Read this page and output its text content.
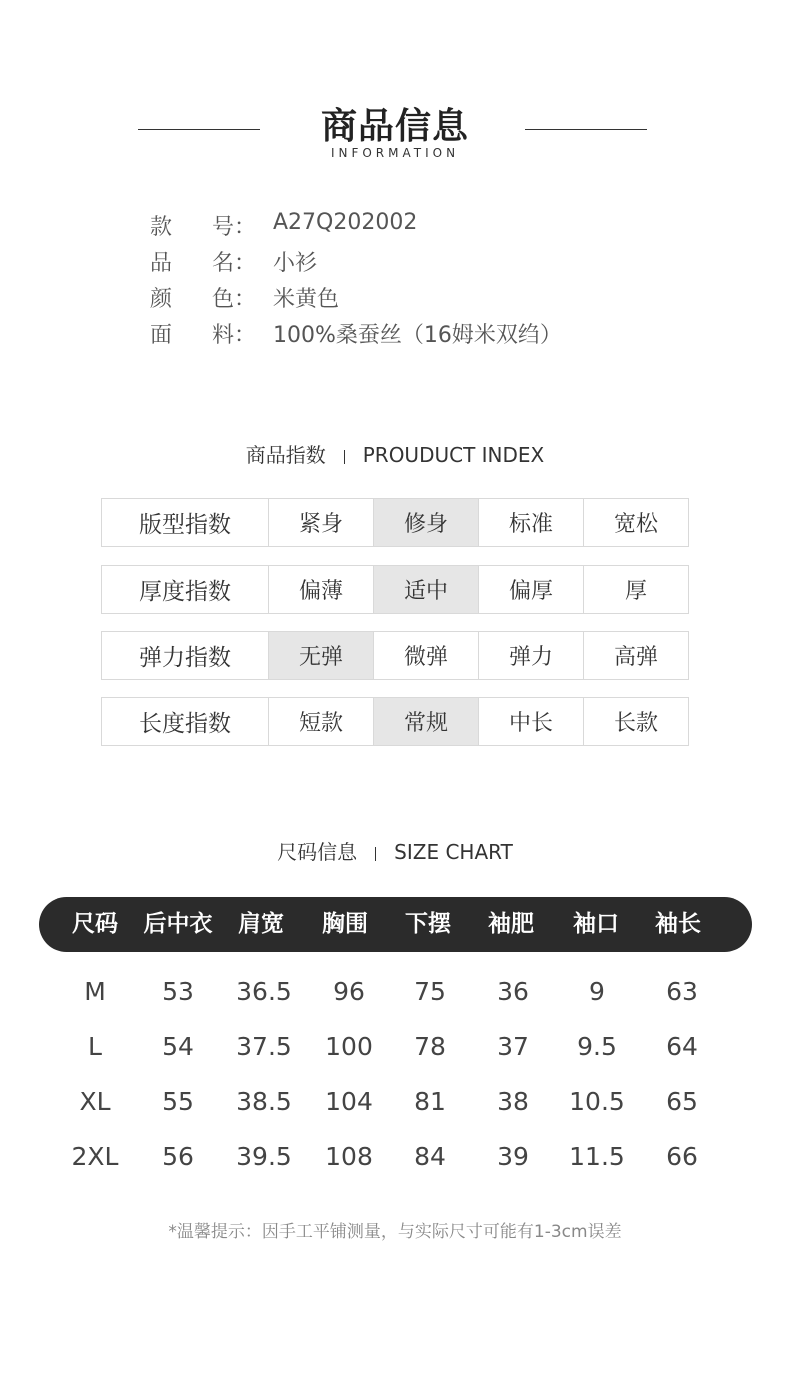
商品信息
INFORMATION
款 号： A27Q202002
品 名： 小衫
颜 色： 米黄色
面 料： 100%桑蚕丝（16姆米双绉）
商品指数 PROUDUCT INDEX
版型指数	紧身	修身	标准	宽松
厚度指数	偏薄	适中	偏厚	厚
弹力指数	无弹	微弹	弹力	高弹
长度指数	短款	常规	中长	长款
尺码信息 SIZE CHART
尺码	后中衣	肩宽	胸围	下摆	袖肥	袖口	袖长
M	53	36.5	96	75	36	9	63
L	54	37.5	100	78	37	9.5	64
XL	55	38.5	104	81	38	10.5	65
2XL	56	39.5	108	84	39	11.5	66
*温馨提示：因手工平铺测量，与实际尺寸可能有1-3cm误差
